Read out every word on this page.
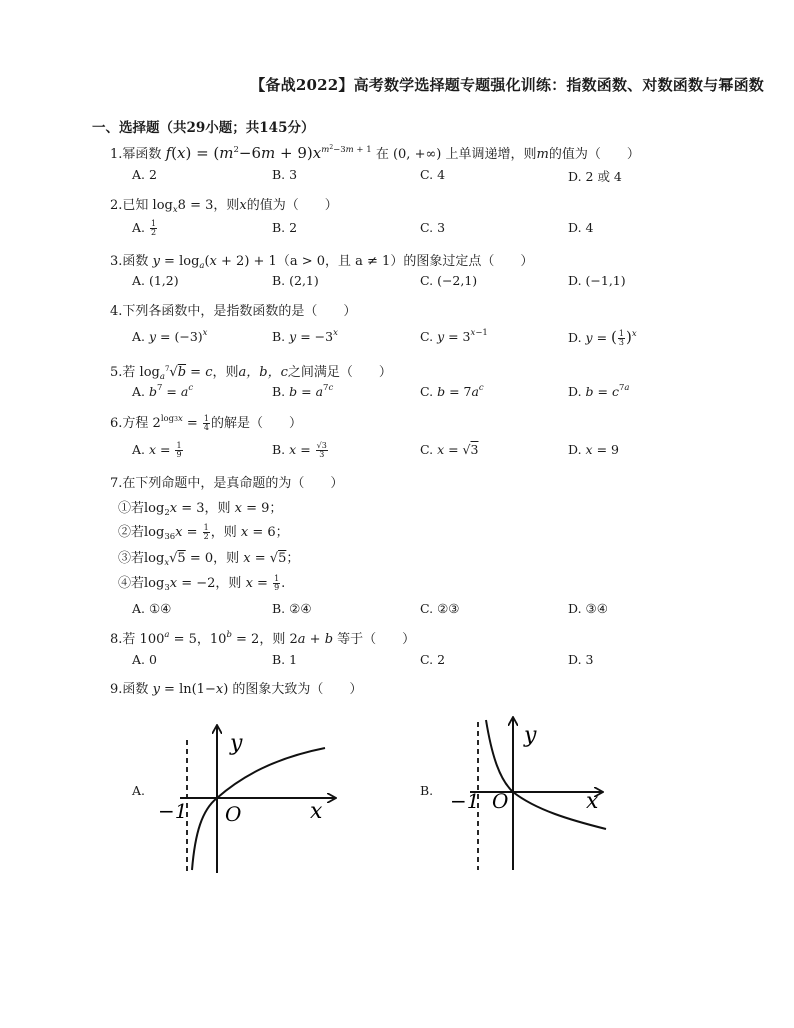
【备战2022】高考数学选择题专题强化训练：指数函数、对数函数与幂函数
一、选择题（共29小题；共145分）
1.幂函数 $f(x) = (m^2-6m + 9)x^{m^2-3m + 1}$ 在 (0, +∞) 上单调递增，则m的值为（　　）
A. 2	B. 3	C. 4	D. 2 或 4
2.已知 $\log_x8 = 3$，则x的值为（　　）
A. $\frac{1}{2}$	B. 2	C. 3	D. 4
3.函数 $y = \log_a(x + 2) + 1(a > 0$，且 a ≠ 1）的图象过定点（　　）
A. (1,2)	B. (2,1)	C. (−2,1)	D. (−1,1)
4.下列各函数中，是指数函数的是（　　）
A. $y = (-3)^x$	B. $y = -3^x$	C. $y = 3^{x-1}$	D. y = ( $\frac{1}{3} )^x$
5.若 $\log_a^7√b = c$，则a，b，c之间满足（　　）
A. $b^7 = a^c$	B. $b = a^{7c}$	C. $b = 7a^c$	D. $b = c^{7a}$
6.方程 $2^{log3x} = \frac{1}{4}$ 的解是（　　）
A. $x = \frac{1}{9}$	B. $x = \frac{√3}{3}$	C. x = √3	D. x = 9
7.在下列命题中，是真命题的为（　　）
①若$\log_2x = 3$，则 x = 9；
②若$\log_{36}x = \frac{1}{2}$ ，则 x = 6；
③若$\log_x√5 = 0$，则 x = √5；
④若$\log_3x = -2$，则 $x = \frac{1}{9}$ .
A. ①④	B. ②④	C. ②③	D. ③④
8.若 $100^a = 5$，$10^b = 2$，则 2a + b 等于（　　）
A. 0	B. 1	C. 2	D. 3
9.函数 y = ln(1−x) 的图象大致为（　　）
A.	B.
y
x
O
−1
y
x
O
−1
